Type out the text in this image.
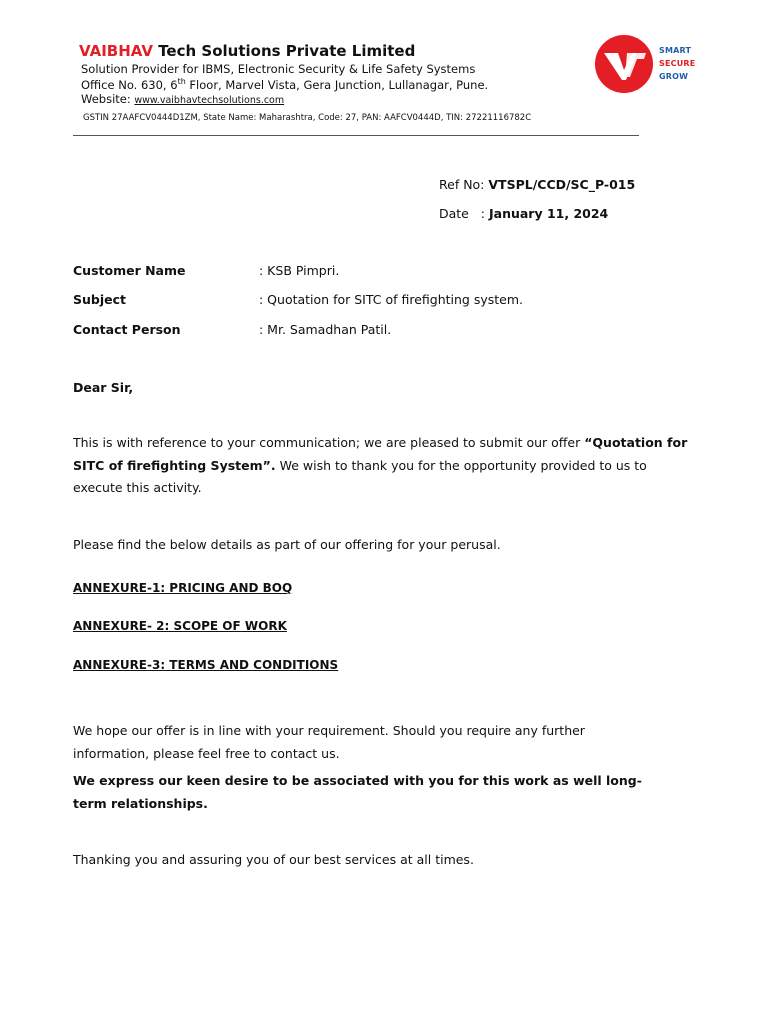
VAIBHAV Tech Solutions Private Limited
Solution Provider for IBMS, Electronic Security & Life Safety Systems
Office No. 630, 6th Floor, Marvel Vista, Gera Junction, Lullanagar, Pune.
Website: www.vaibhavtechsolutions.com
GSTIN 27AAFCV0444D1ZM, State Name: Maharashtra, Code: 27, PAN: AAFCV0444D, TIN: 27221116782C
SMART
SECURE
GROW
Ref No: VTSPL/CCD/SC_P-015
Date   : January 11, 2024
Customer Name	: KSB Pimpri.
Subject	: Quotation for SITC of firefighting system.
Contact Person	: Mr. Samadhan Patil.
Dear Sir,
This is with reference to your communication; we are pleased to submit our offer “Quotation for SITC of firefighting System”. We wish to thank you for the opportunity provided to us to execute this activity.
Please find the below details as part of our offering for your perusal.
ANNEXURE-1: PRICING AND BOQ
ANNEXURE- 2: SCOPE OF WORK
ANNEXURE-3: TERMS AND CONDITIONS
We hope our offer is in line with your requirement. Should you require any further information, please feel free to contact us.
We express our keen desire to be associated with you for this work as well long-term relationships.
Thanking you and assuring you of our best services at all times.
